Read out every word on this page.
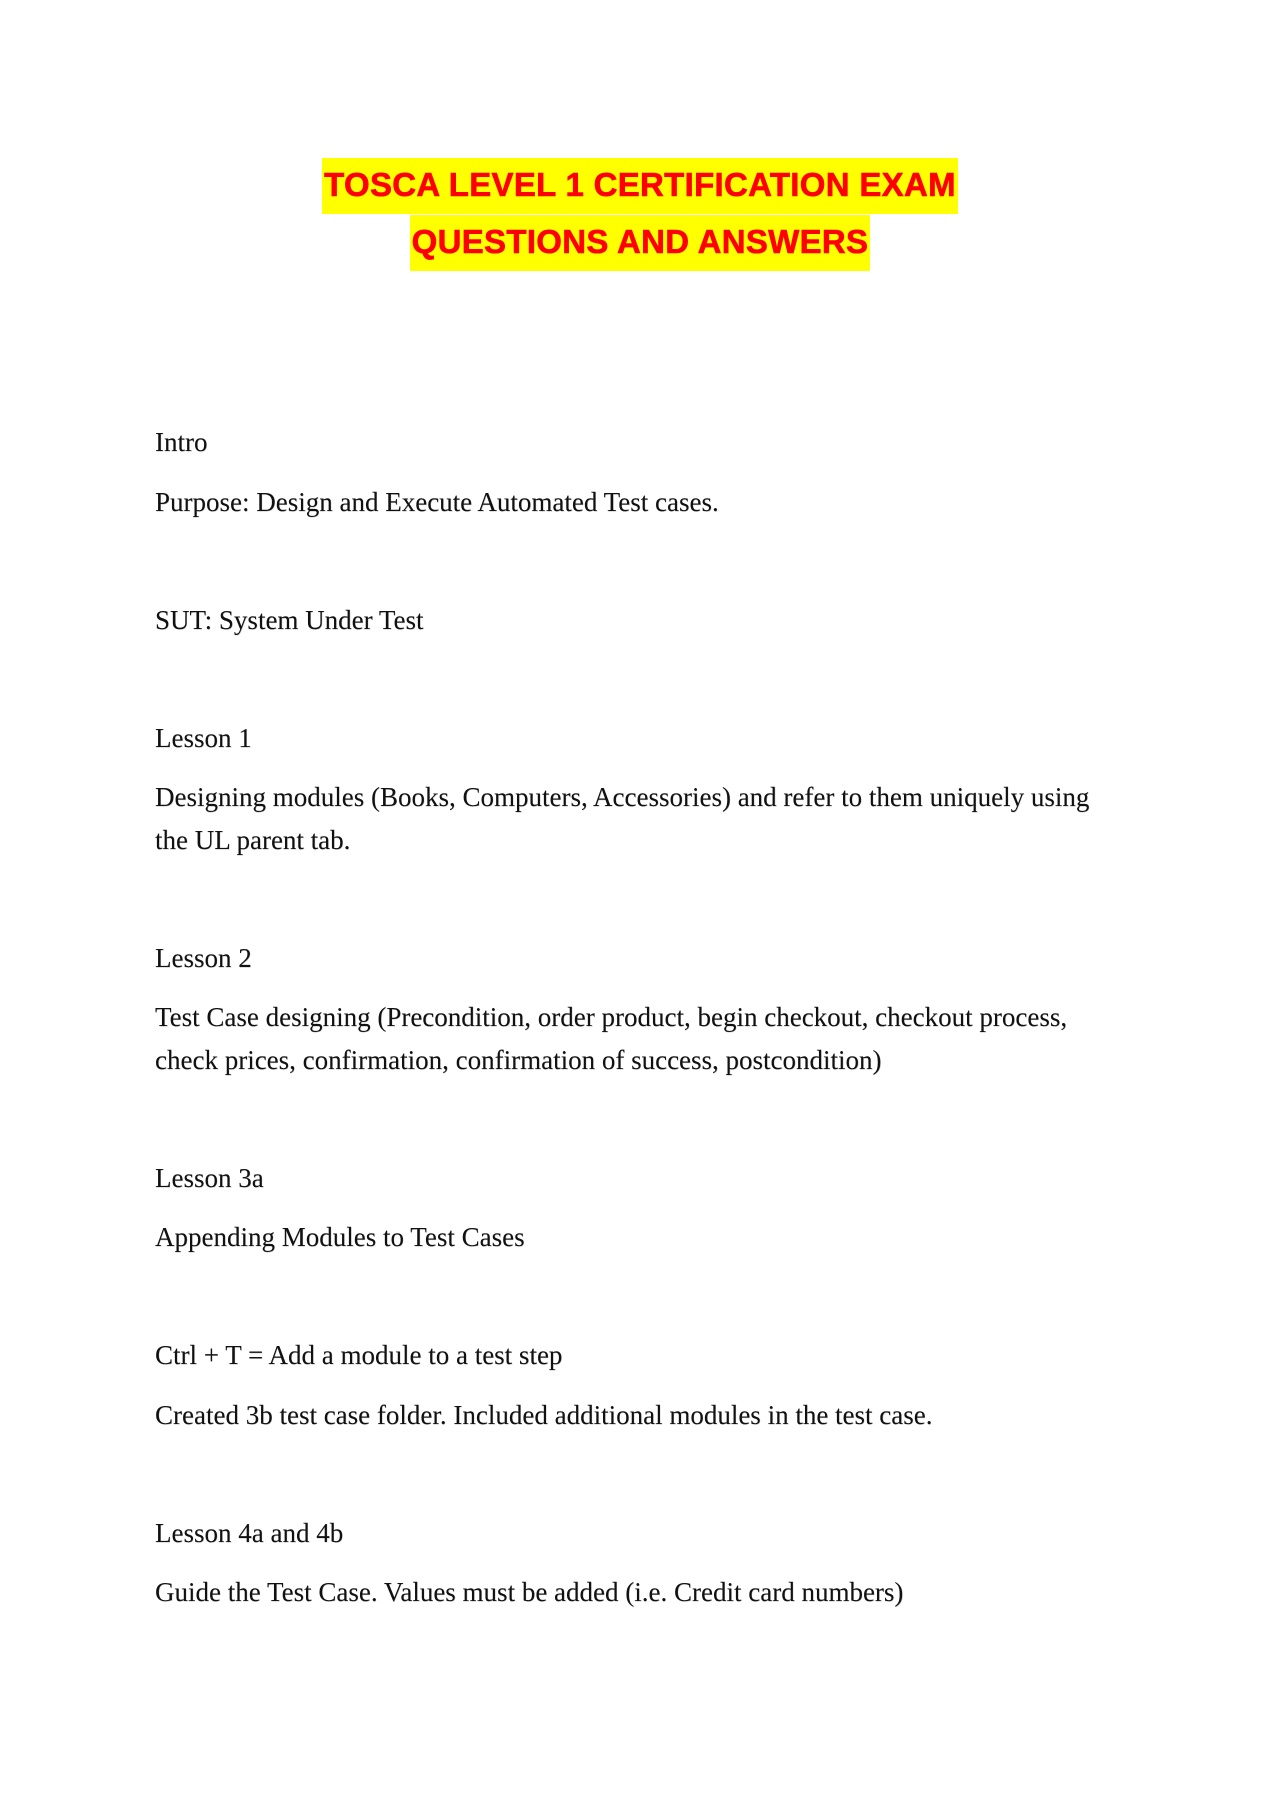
TOSCA LEVEL 1 CERTIFICATION EXAM
QUESTIONS AND ANSWERS
Intro
Purpose: Design and Execute Automated Test cases.
SUT: System Under Test
Lesson 1
Designing modules (Books, Computers, Accessories) and refer to them uniquely using the UL parent tab.
Lesson 2
Test Case designing (Precondition, order product, begin checkout, checkout process, check prices, confirmation, confirmation of success, postcondition)
Lesson 3a
Appending Modules to Test Cases
Ctrl + T = Add a module to a test step
Created 3b test case folder. Included additional modules in the test case.
Lesson 4a and 4b
Guide the Test Case. Values must be added (i.e. Credit card numbers)
